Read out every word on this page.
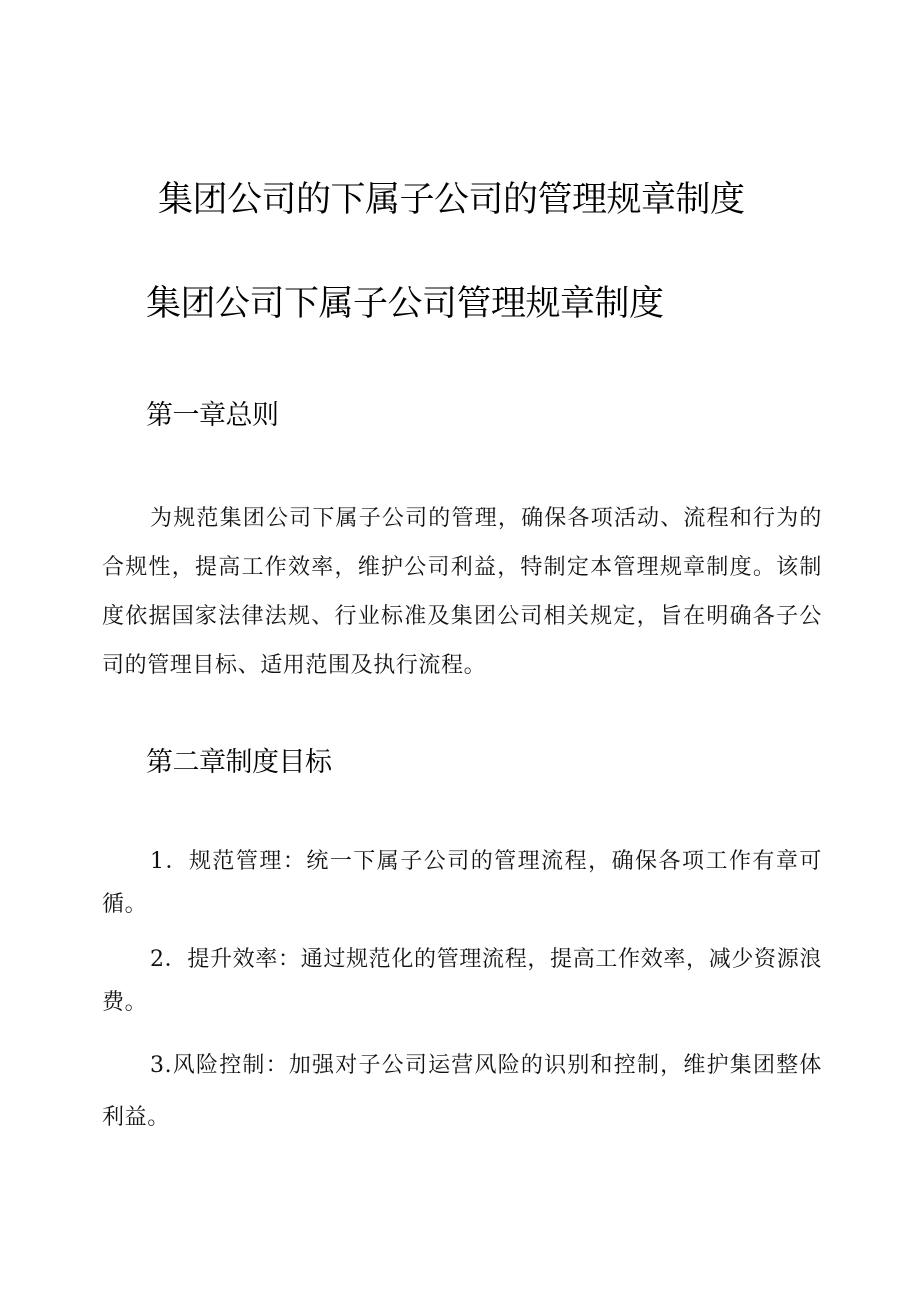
集团公司的下属子公司的管理规章制度
集团公司下属子公司管理规章制度
第一章总则

为规范集团公司下属子公司的管理，确保各项活动、流程和行为的合规性，提高工作效率，维护公司利益，特制定本管理规章制度。该制度依据国家法律法规、行业标准及集团公司相关规定，旨在明确各子公司的管理目标、适用范围及执行流程。

第二章制度目标

1．规范管理：统一下属子公司的管理流程，确保各项工作有章可循。

2．提升效率：通过规范化的管理流程，提高工作效率，减少资源浪费。

3.风险控制：加强对子公司运营风险的识别和控制，维护集团整体利益。
